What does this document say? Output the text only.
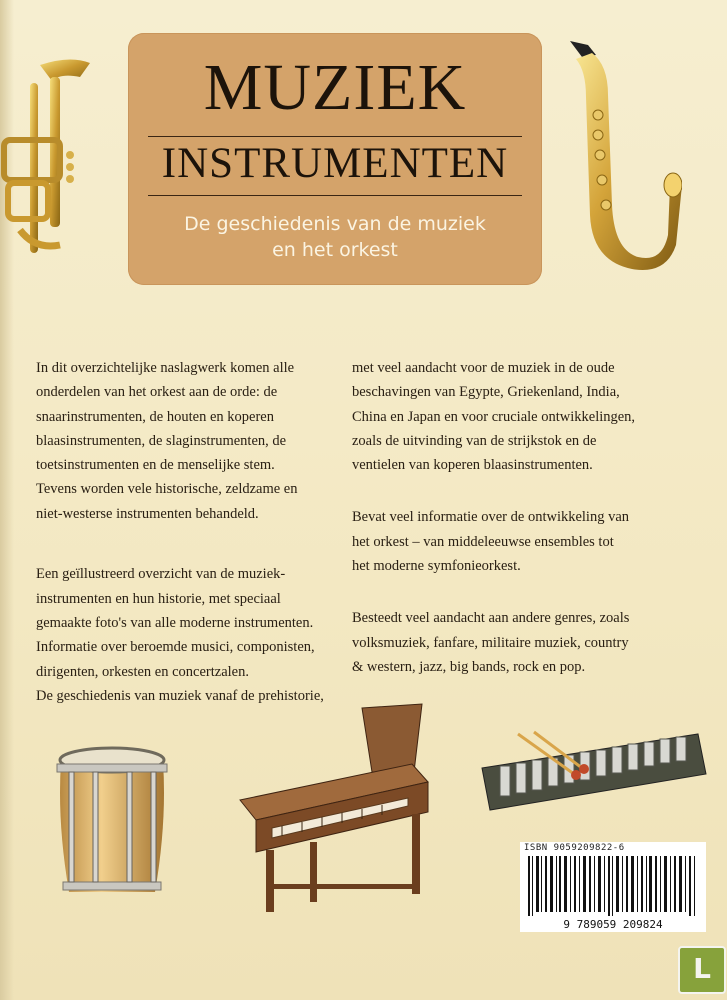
MUZIEK
INSTRUMENTEN
De geschiedenis van de muziek
en het orkest

In dit overzichtelijke naslagwerk komen alle
onderdelen van het orkest aan de orde: de
snaarinstrumenten, de houten en koperen
blaasinstrumenten, de slaginstrumenten, de
toetsinstrumenten en de menselijke stem.
Tevens worden vele historische, zeldzame en
niet-westerse instrumenten behandeld.

Een geïllustreerd overzicht van de muziek-
instrumenten en hun historie, met speciaal
gemaakte foto's van alle moderne instrumenten.
Informatie over beroemde musici, componisten,
dirigenten, orkesten en concertzalen.
De geschiedenis van muziek vanaf de prehistorie,

met veel aandacht voor de muziek in de oude
beschavingen van Egypte, Griekenland, India,
China en Japan en voor cruciale ontwikkelingen,
zoals de uitvinding van de strijkstok en de
ventielen van koperen blaasinstrumenten.

Bevat veel informatie over de ontwikkeling van
het orkest – van middeleeuwse ensembles tot
het moderne symfonieorkest.

Besteedt veel aandacht aan andere genres, zoals
volksmuziek, fanfare, militaire muziek, country
& western, jazz, big bands, rock en pop.

ISBN 9059209822-6
9 789059 209824
L
